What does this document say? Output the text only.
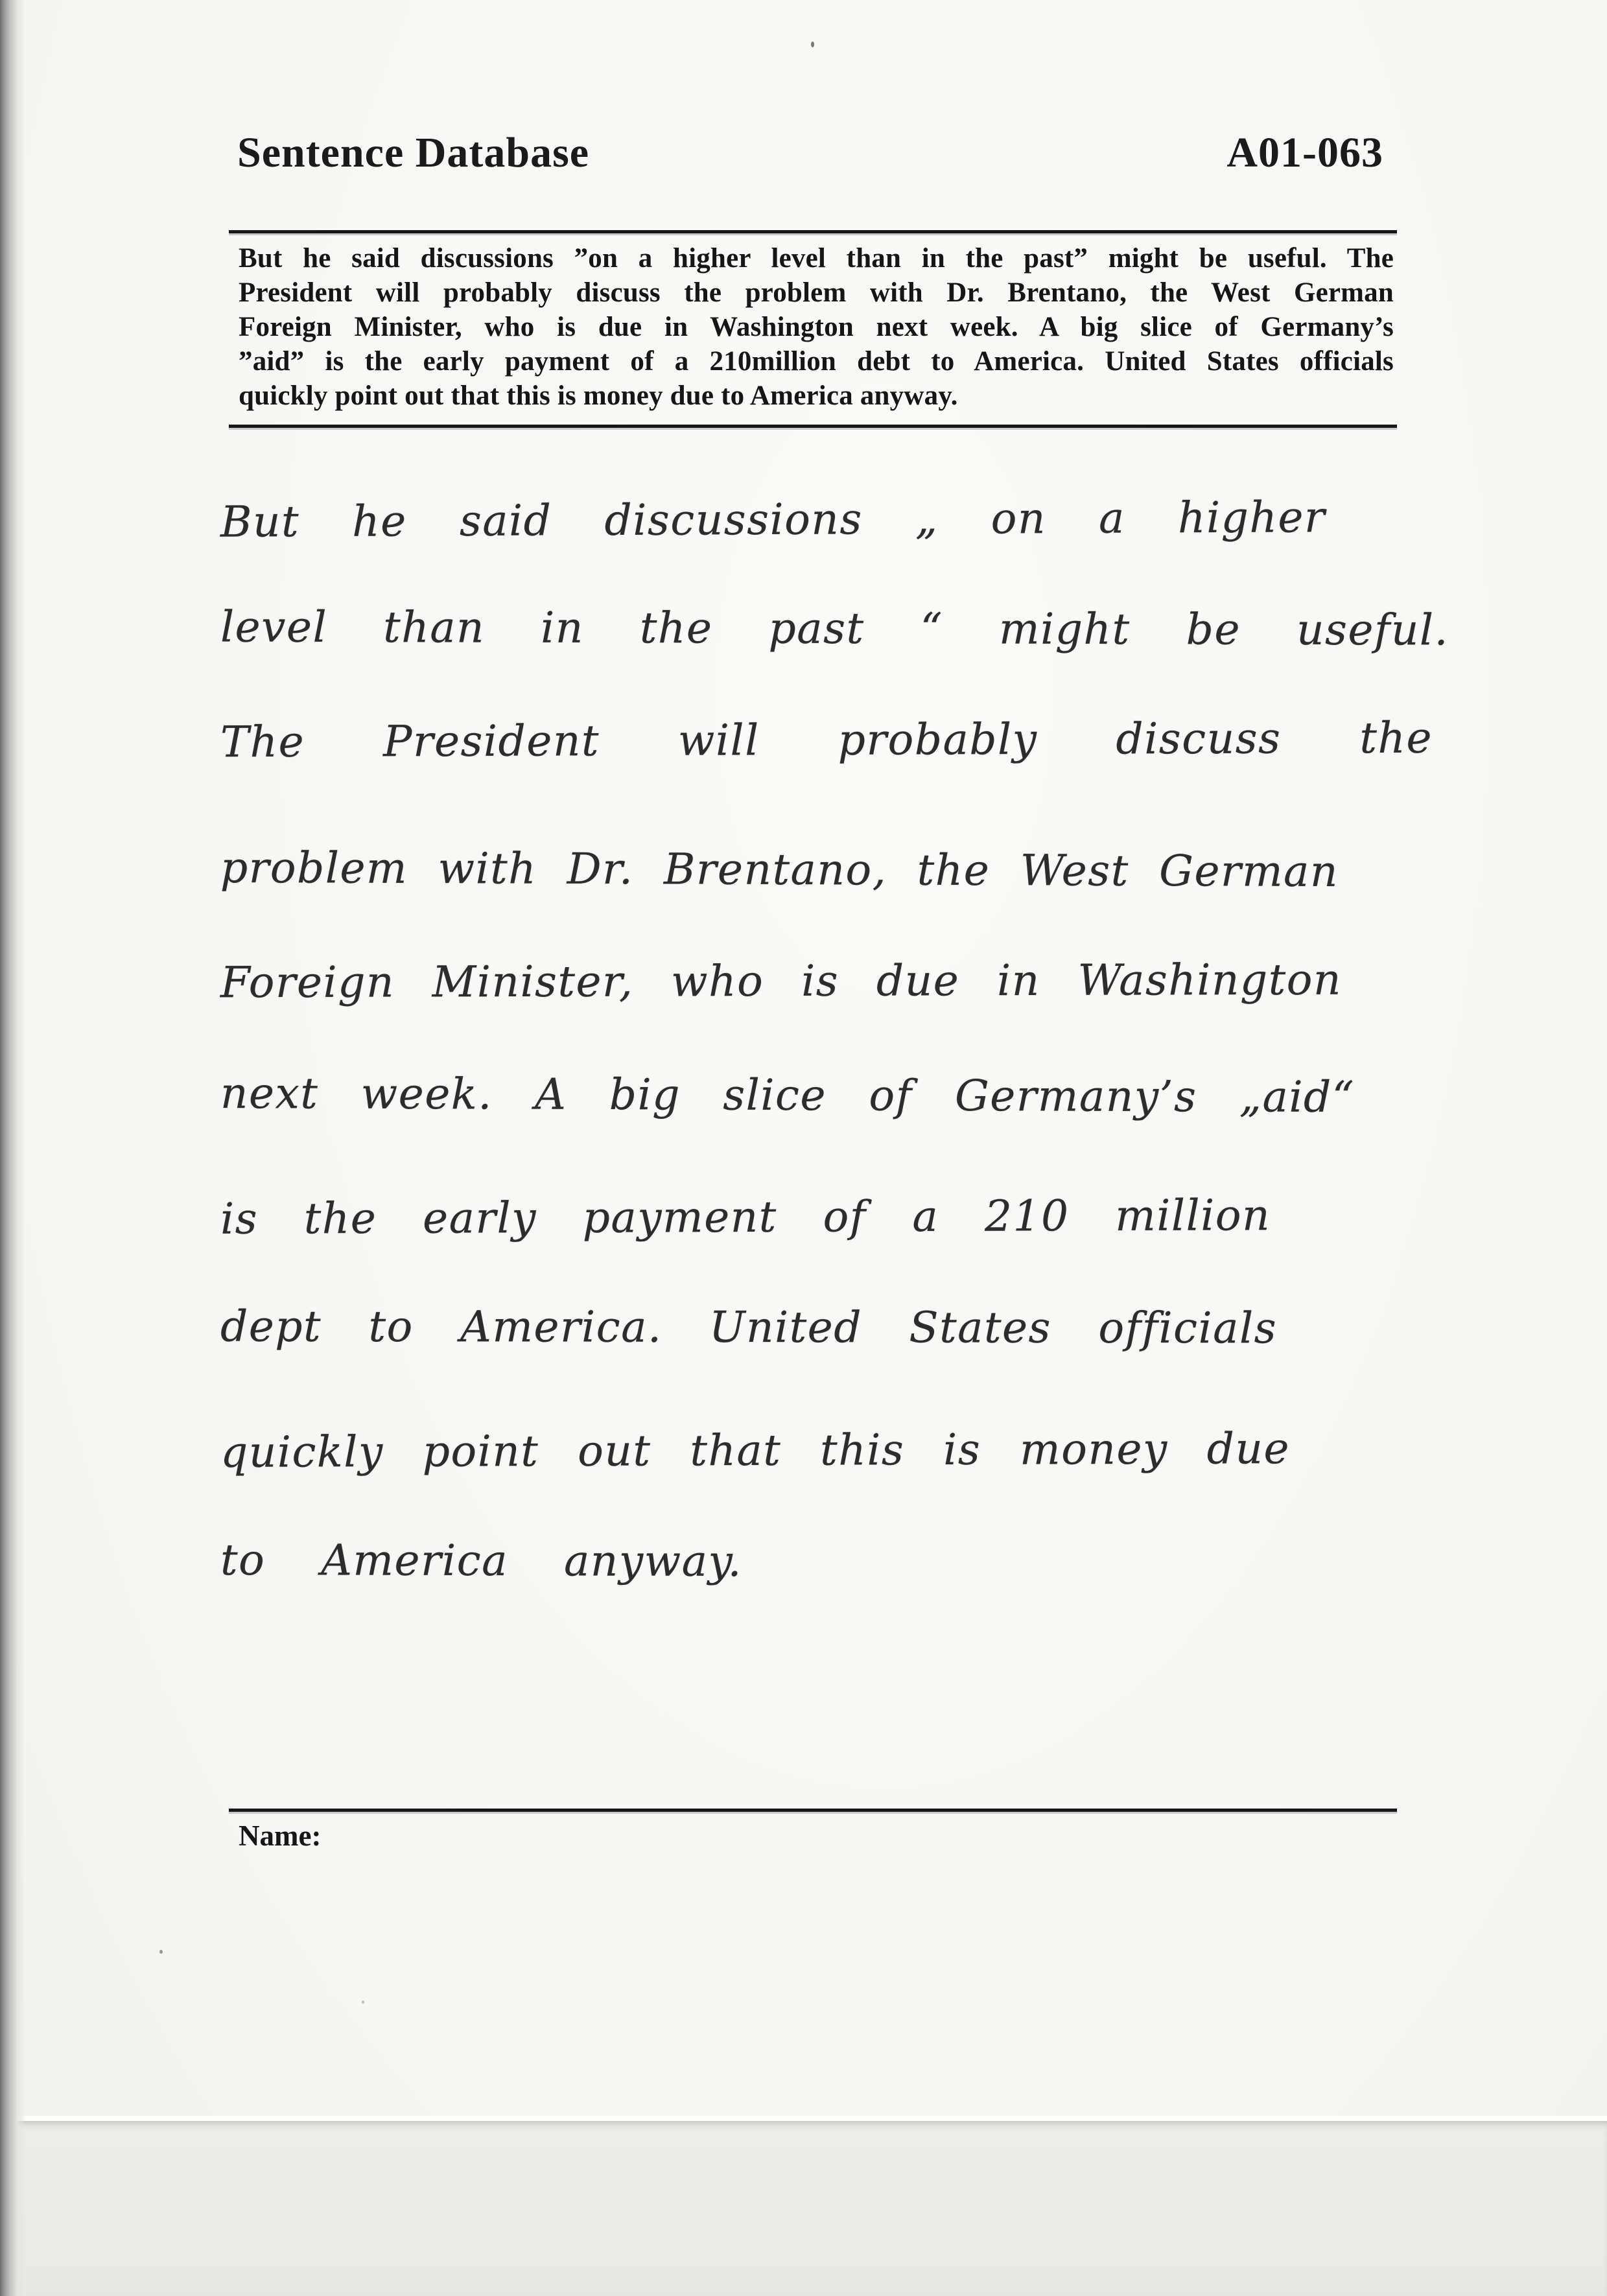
Sentence Database	A01-063
But he said discussions ”on a higher level than in the past” might be useful. The
President will probably discuss the problem with Dr. Brentano, the West German
Foreign Minister, who is due in Washington next week. A big slice of Germany’s
”aid” is the early payment of a 210million debt to America. United States officials
quickly point out that this is money due to America anyway.
But he said discussions „ on a higher
level than in the past “ might be useful.
The President will probably discuss the
problem with Dr. Brentano, the West German
Foreign Minister, who is due in Washington
next week. A big slice of Germany’s „aid“
is the early payment of a 210 million
dept to America. United States officials
quickly point out that this is money due
to America anyway.
Name:
